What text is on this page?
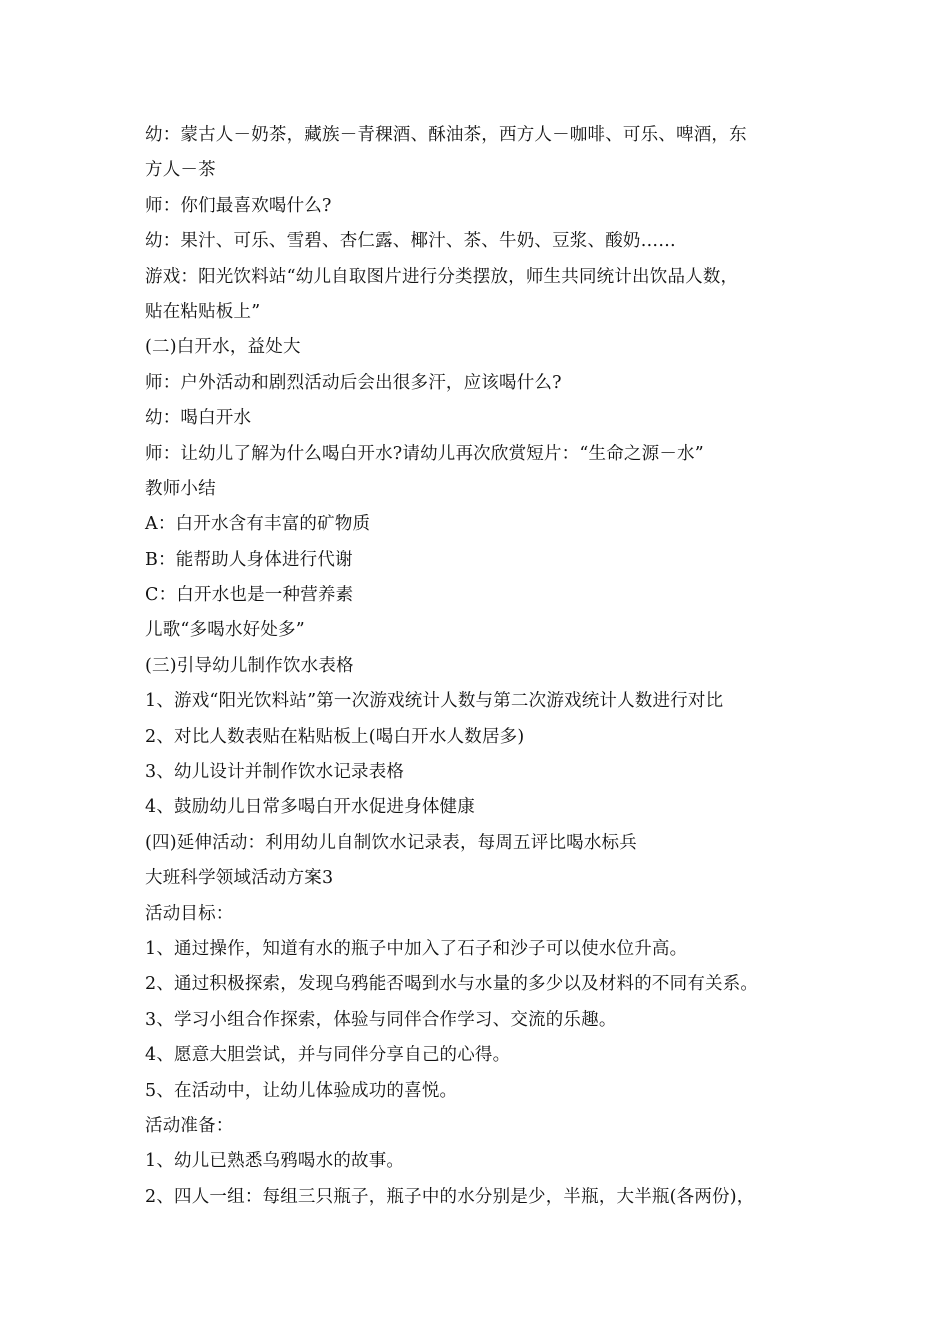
幼：蒙古人－奶茶，藏族－青稞酒、酥油茶，西方人－咖啡、可乐、啤酒，东
方人－茶
师：你们最喜欢喝什么?
幼：果汁、可乐、雪碧、杏仁露、椰汁、茶、牛奶、豆浆、酸奶……
游戏：阳光饮料站“幼儿自取图片进行分类摆放，师生共同统计出饮品人数，
贴在粘贴板上”
(二)白开水，益处大
师：户外活动和剧烈活动后会出很多汗，应该喝什么?
幼：喝白开水
师：让幼儿了解为什么喝白开水?请幼儿再次欣赏短片：“生命之源－水”
教师小结
A：白开水含有丰富的矿物质
B：能帮助人身体进行代谢
C：白开水也是一种营养素
儿歌“多喝水好处多”
(三)引导幼儿制作饮水表格
1、游戏“阳光饮料站”第一次游戏统计人数与第二次游戏统计人数进行对比
2、对比人数表贴在粘贴板上(喝白开水人数居多)
3、幼儿设计并制作饮水记录表格
4、鼓励幼儿日常多喝白开水促进身体健康
(四)延伸活动：利用幼儿自制饮水记录表，每周五评比喝水标兵
大班科学领域活动方案3
活动目标：
1、通过操作，知道有水的瓶子中加入了石子和沙子可以使水位升高。
2、通过积极探索，发现乌鸦能否喝到水与水量的多少以及材料的不同有关系。
3、学习小组合作探索，体验与同伴合作学习、交流的乐趣。
4、愿意大胆尝试，并与同伴分享自己的心得。
5、在活动中，让幼儿体验成功的喜悦。
活动准备：
1、幼儿已熟悉乌鸦喝水的故事。
2、四人一组：每组三只瓶子，瓶子中的水分别是少，半瓶，大半瓶(各两份)，
